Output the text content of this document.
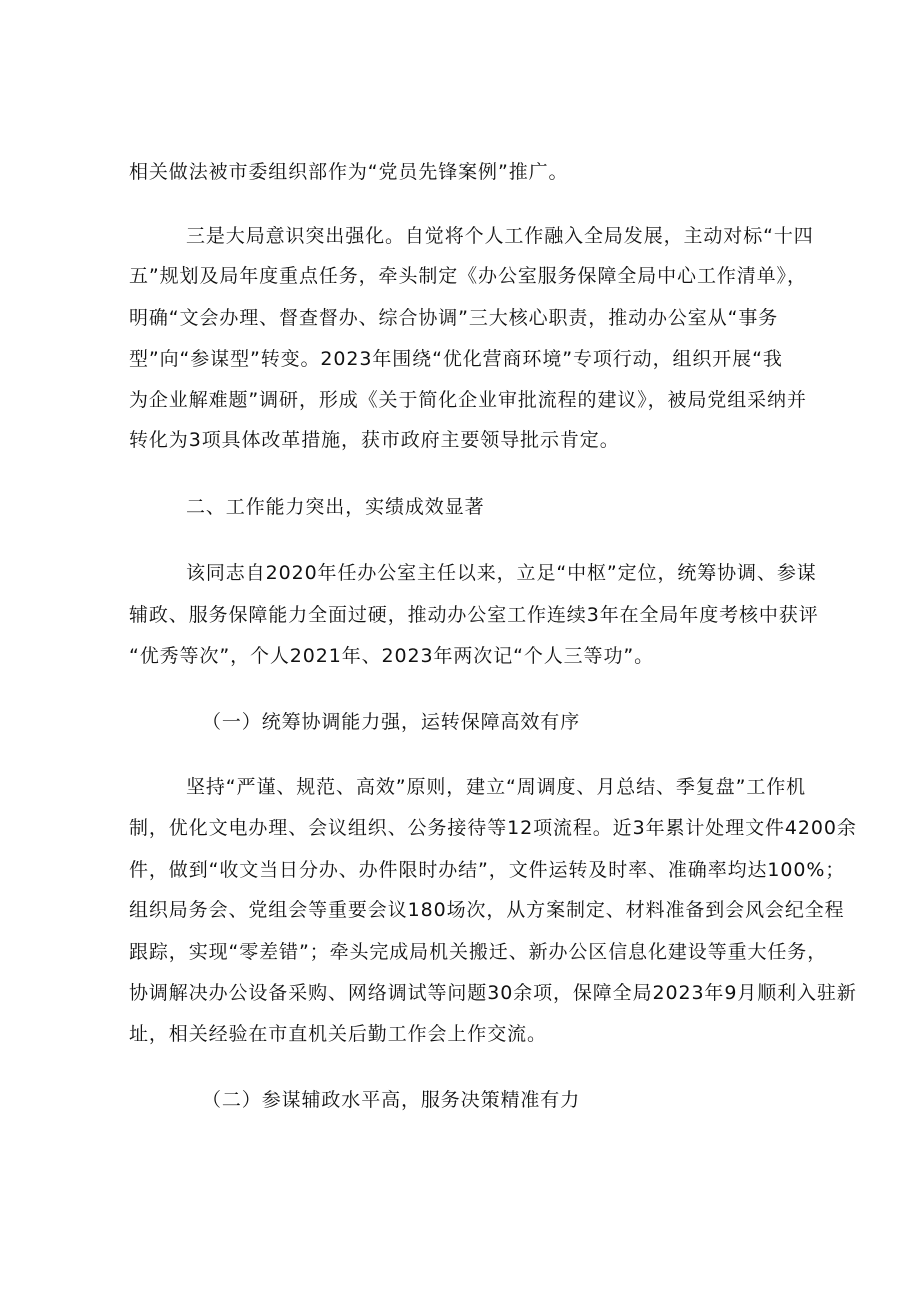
相关做法被市委组织部作为“党员先锋案例”推广。
三是大局意识突出强化。自觉将个人工作融入全局发展，主动对标“十四
五”规划及局年度重点任务，牵头制定《办公室服务保障全局中心工作清单》，
明确“文会办理、督查督办、综合协调”三大核心职责，推动办公室从“事务
型”向“参谋型”转变。2023年围绕“优化营商环境”专项行动，组织开展“我
为企业解难题”调研，形成《关于简化企业审批流程的建议》，被局党组采纳并
转化为3项具体改革措施，获市政府主要领导批示肯定。
二、工作能力突出，实绩成效显著
该同志自2020年任办公室主任以来，立足“中枢”定位，统筹协调、参谋
辅政、服务保障能力全面过硬，推动办公室工作连续3年在全局年度考核中获评
“优秀等次”，个人2021年、2023年两次记“个人三等功”。
（一）统筹协调能力强，运转保障高效有序
坚持“严谨、规范、高效”原则，建立“周调度、月总结、季复盘”工作机
制，优化文电办理、会议组织、公务接待等12项流程。近3年累计处理文件4200余
件，做到“收文当日分办、办件限时办结”，文件运转及时率、准确率均达100%；
组织局务会、党组会等重要会议180场次，从方案制定、材料准备到会风会纪全程
跟踪，实现“零差错”；牵头完成局机关搬迁、新办公区信息化建设等重大任务，
协调解决办公设备采购、网络调试等问题30余项，保障全局2023年9月顺利入驻新
址，相关经验在市直机关后勤工作会上作交流。
（二）参谋辅政水平高，服务决策精准有力
